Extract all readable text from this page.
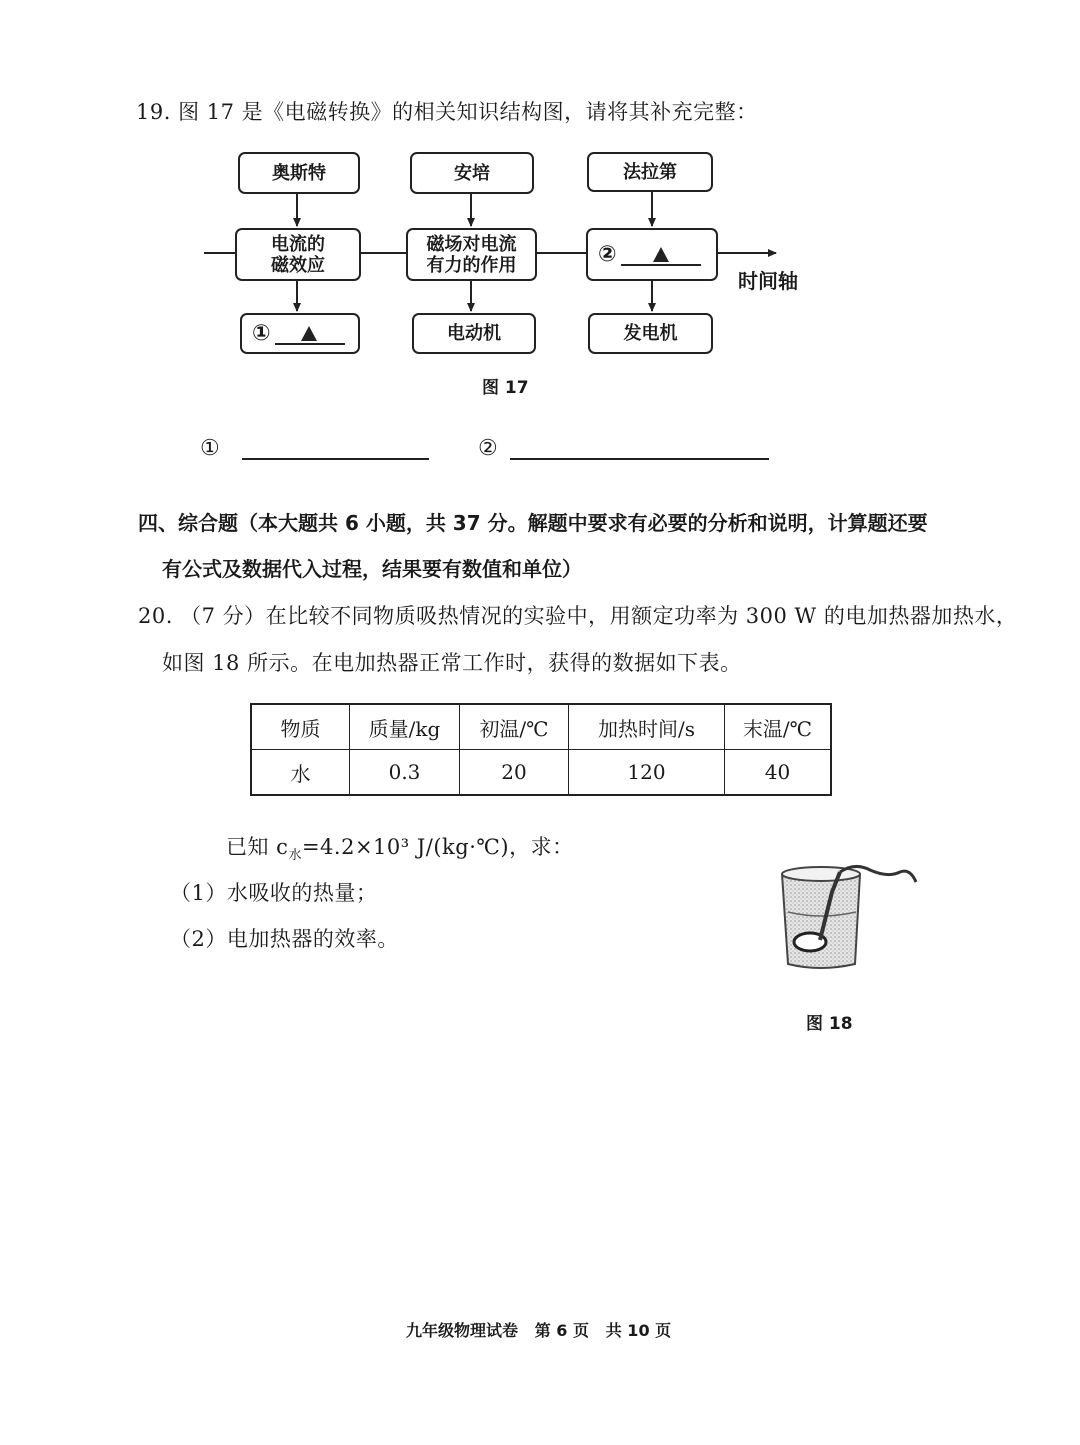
19. 图 17 是《电磁转换》的相关知识结构图，请将其补充完整：
奥斯特	安培	法拉第
电流的
磁效应
磁场对电流
有力的作用	②
时间轴
①	电动机	发电机
图 17
①	②
四、综合题（本大题共 6 小题，共 37 分。解题中要求有必要的分析和说明，计算题还要
有公式及数据代入过程，结果要有数值和单位）
20. （7 分）在比较不同物质吸热情况的实验中，用额定功率为 300 W 的电加热器加热水，
如图 18 所示。在电加热器正常工作时，获得的数据如下表。
物质	质量/kg	初温/℃	加热时间/s	末温/℃
水	0.3	20	120	40
已知 $c_水=4.2\times 10^3$ J/(kg·℃)，求：
（1）水吸收的热量；
（2）电加热器的效率。
图 18
九年级物理试卷 第 6 页 共 10 页
